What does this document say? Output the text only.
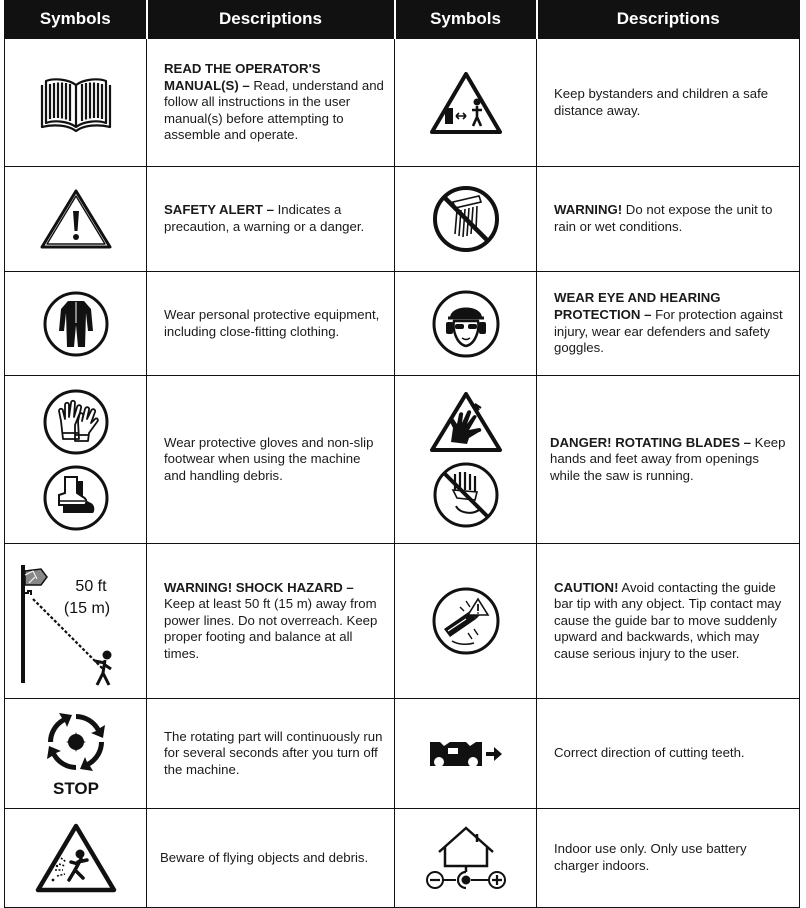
Symbols	Descriptions	Symbols	Descriptions

	READ THE OPERATOR'S MANUAL(S) – Read, understand and follow all instructions in the user manual(s) before attempting to assemble and operate.		Keep bystanders and children a safe distance away.

	SAFETY ALERT – Indicates a precaution, a warning or a danger.		WARNING! Do not expose the unit to rain or wet conditions.

	Wear personal protective equipment, including close-fitting clothing.		WEAR EYE AND HEARING PROTECTION – For protection against injury, wear ear defenders and safety goggles.

	Wear protective gloves and non-slip footwear when using the machine and handling debris.		DANGER! ROTATING BLADES – Keep hands and feet away from openings while the saw is running.

50 ft
(15 m)	WARNING! SHOCK HAZARD – Keep at least 50 ft (15 m) away from power lines. Do not overreach. Keep proper footing and balance at all times.		CAUTION! Avoid contacting the guide bar tip with any object. Tip contact may cause the guide bar to move suddenly upward and backwards, which may cause serious injury to the user.

STOP	The rotating part will continuously run for several seconds after you turn off the machine.		Correct direction of cutting teeth.

	Beware of flying objects and debris.		Indoor use only. Only use battery charger indoors.
